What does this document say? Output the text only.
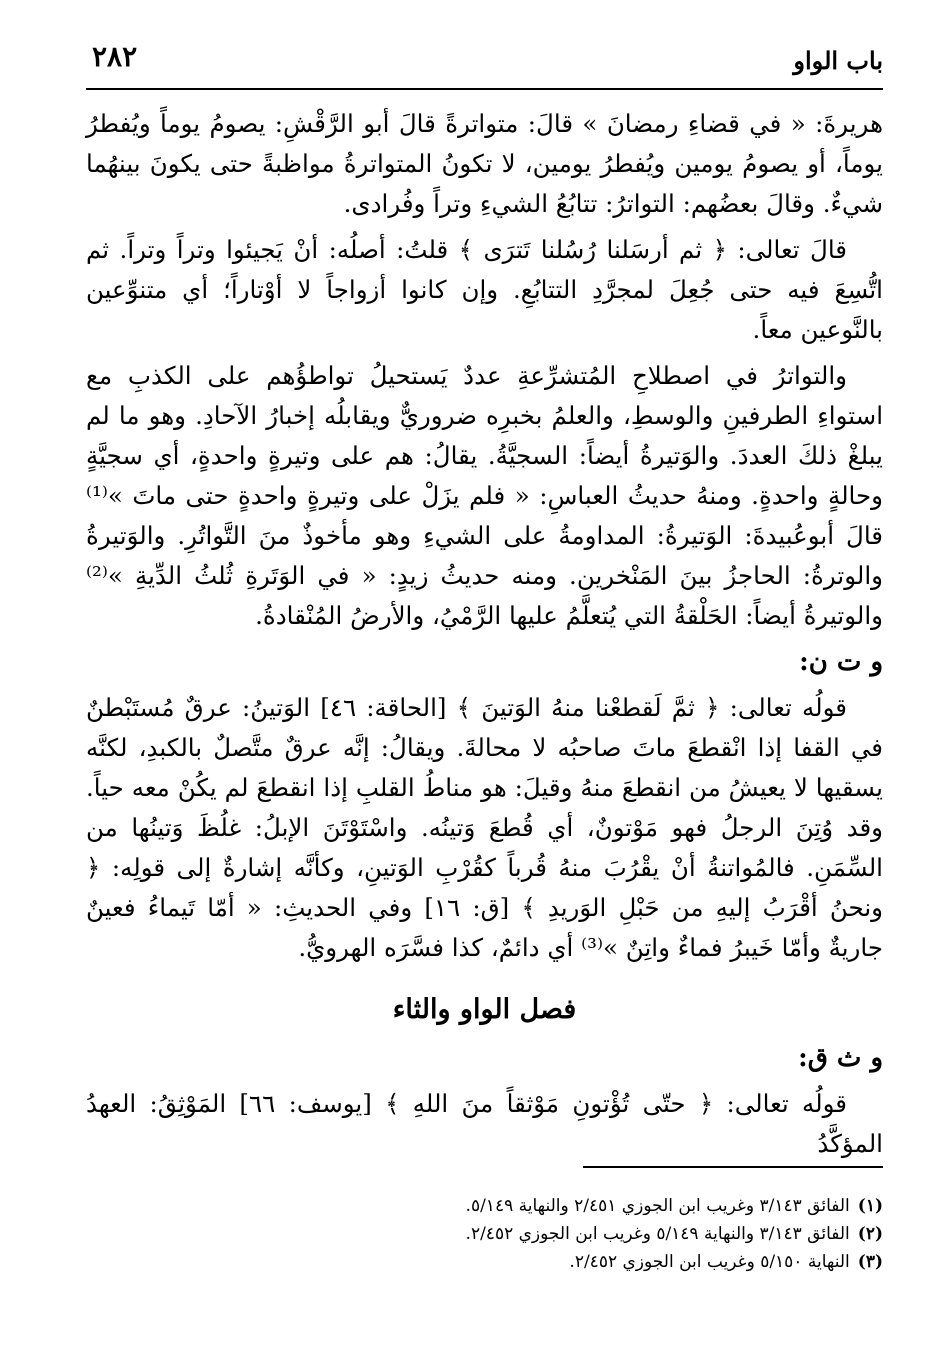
باب الواو
٢٨٢

هريرةَ: « في قضاءِ رمضانَ » قالَ: متواترةً قالَ أبو الرَّقْشِ: يصومُ يوماً ويُفطرُ يوماً، أو يصومُ يومين ويُفطرُ يومين، لا تكونُ المتواترةُ مواظبةً حتى يكونَ بينهُما شيءٌ. وقالَ بعضُهم: التواترُ: تتابُعُ الشيءِ وتراً وفُرادى.

قالَ تعالى: ﴿ ثم أرسَلنا رُسُلنا تَترَى ﴾ قلتُ: أصلُه: أنْ يَجيئوا وتراً وتراً. ثم اتُّسِعَ فيه حتى جُعِلَ لمجرَّدِ التتابُعِ. وإن كانوا أزواجاً لا أوْتاراً؛ أي متنوِّعين بالنَّوعين معاً.

والتواترُ في اصطلاحِ المُتشرِّعةِ عددٌ يَستحيلُ تواطؤُهم على الكذبِ مع استواءِ الطرفينِ والوسطِ، والعلمُ بخبرِه ضروريٌّ ويقابلُه إخبارُ الآحادِ. وهو ما لم يبلغْ ذلكَ العددَ. والوَتيرةُ أيضاً: السجيَّةُ. يقالُ: هم على وتيرةٍ واحدةٍ، أي سجيَّةٍ وحالةٍ واحدةٍ. ومنهُ حديثُ العباسِ: « فلم يزَلْ على وتيرةٍ واحدةٍ حتى ماتَ »⁽¹⁾ قالَ أبوعُبيدةَ: الوَتيرةُ: المداومةُ على الشيءِ وهو مأخوذٌ منَ التَّواتُرِ. والوَتيرةُ والوترةُ: الحاجزُ بينَ المَنْخرين. ومنه حديثُ زيدٍ: « في الوَتَرةِ ثُلثُ الدِّيةِ »⁽²⁾ والوتيرةُ أيضاً: الحَلْقةُ التي يُتعلَّمُ عليها الرَّمْيُ، والأرضُ المُنْقادةُ.

و ت ن:

قولُه تعالى: ﴿ ثمَّ لَقطعْنا منهُ الوَتينَ ﴾ [الحاقة: ٤٦] الوَتينُ: عرقٌ مُستَبْطنٌ في القفا إذا انْقطعَ ماتَ صاحبُه لا محالةَ. ويقالُ: إنَّه عرقٌ متَّصلٌ بالكبدِ، لكنَّه يسقيها لا يعيشُ من انقطعَ منهُ وقيلَ: هو مناطُ القلبِ إذا انقطعَ لم يكُنْ معه حياً. وقد وُتِنَ الرجلُ فهو مَوْتونٌ، أي قُطعَ وَتينُه. واسْتَوْتَنَ الإبلُ: غلُظَ وَتينُها من السِّمَنِ. فالمُواتنةُ أنْ يقْرُبَ منهُ قُرباً كقُرْبِ الوَتينِ، وكأنَّه إشارةٌ إلى قولِه: ﴿ ونحنُ أقْرَبُ إليهِ من حَبْلِ الوَريدِ ﴾ [ق: ١٦] وفي الحديثِ: « أمّا تَيماءُ فعينٌ جاريةٌ وأمّا خَيبرُ فماءٌ واتِنٌ »⁽³⁾ أي دائمٌ، كذا فسَّرَه الهرويُّ.

فصل الواو والثاء
و ث ق:

قولُه تعالى: ﴿ حتّى تُؤْتونِ مَوْثقاً منَ اللهِ ﴾ [يوسف: ٦٦] المَوْثِقُ: العهدُ المؤكَّدُ

(١)
الفائق ٣/١٤٣ وغريب ابن الجوزي ٢/٤٥١ والنهاية ٥/١٤٩.
(٢)
الفائق ٣/١٤٣ والنهاية ٥/١٤٩ وغريب ابن الجوزي ٢/٤٥٢.
(٣)
النهاية ٥/١٥٠ وغريب ابن الجوزي ٢/٤٥٢.
